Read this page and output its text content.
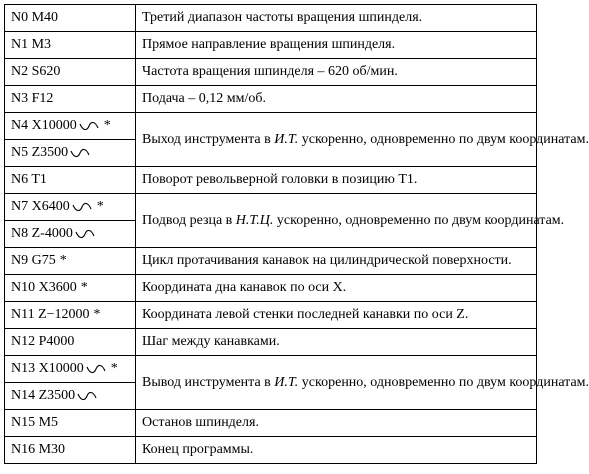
N0 M40	Третий диапазон частоты вращения шпинделя.
N1 M3	Прямое направление вращения шпинделя.
N2 S620	Частота вращения шпинделя – 620 об/мин.
N3 F12	Подача – 0,12 мм/об.
N4 X10000 *	Выход инструмента в И.Т. ускоренно, одновременно по двум координатам.
N5 Z3500	

N6 T1	Поворот револьверной головки в позицию Т1.
N7 X6400 *	Подвод резца в Н.Т.Ц. ускоренно, одновременно по двум координатам.
N8 Z-4000	

N9 G75 *	Цикл протачивания канавок на цилиндрической поверхности.
N10 X3600 *	Координата дна канавок по оси X.
N11 Z−12000 *	Координата левой стенки последней канавки по оси Z.
N12 P4000	Шаг между канавками.
N13 X10000 *	Вывод инструмента в И.Т. ускоренно, одновременно по двум координатам.
N14 Z3500	

N15 M5	Останов шпинделя.
N16 M30	Конец программы.
